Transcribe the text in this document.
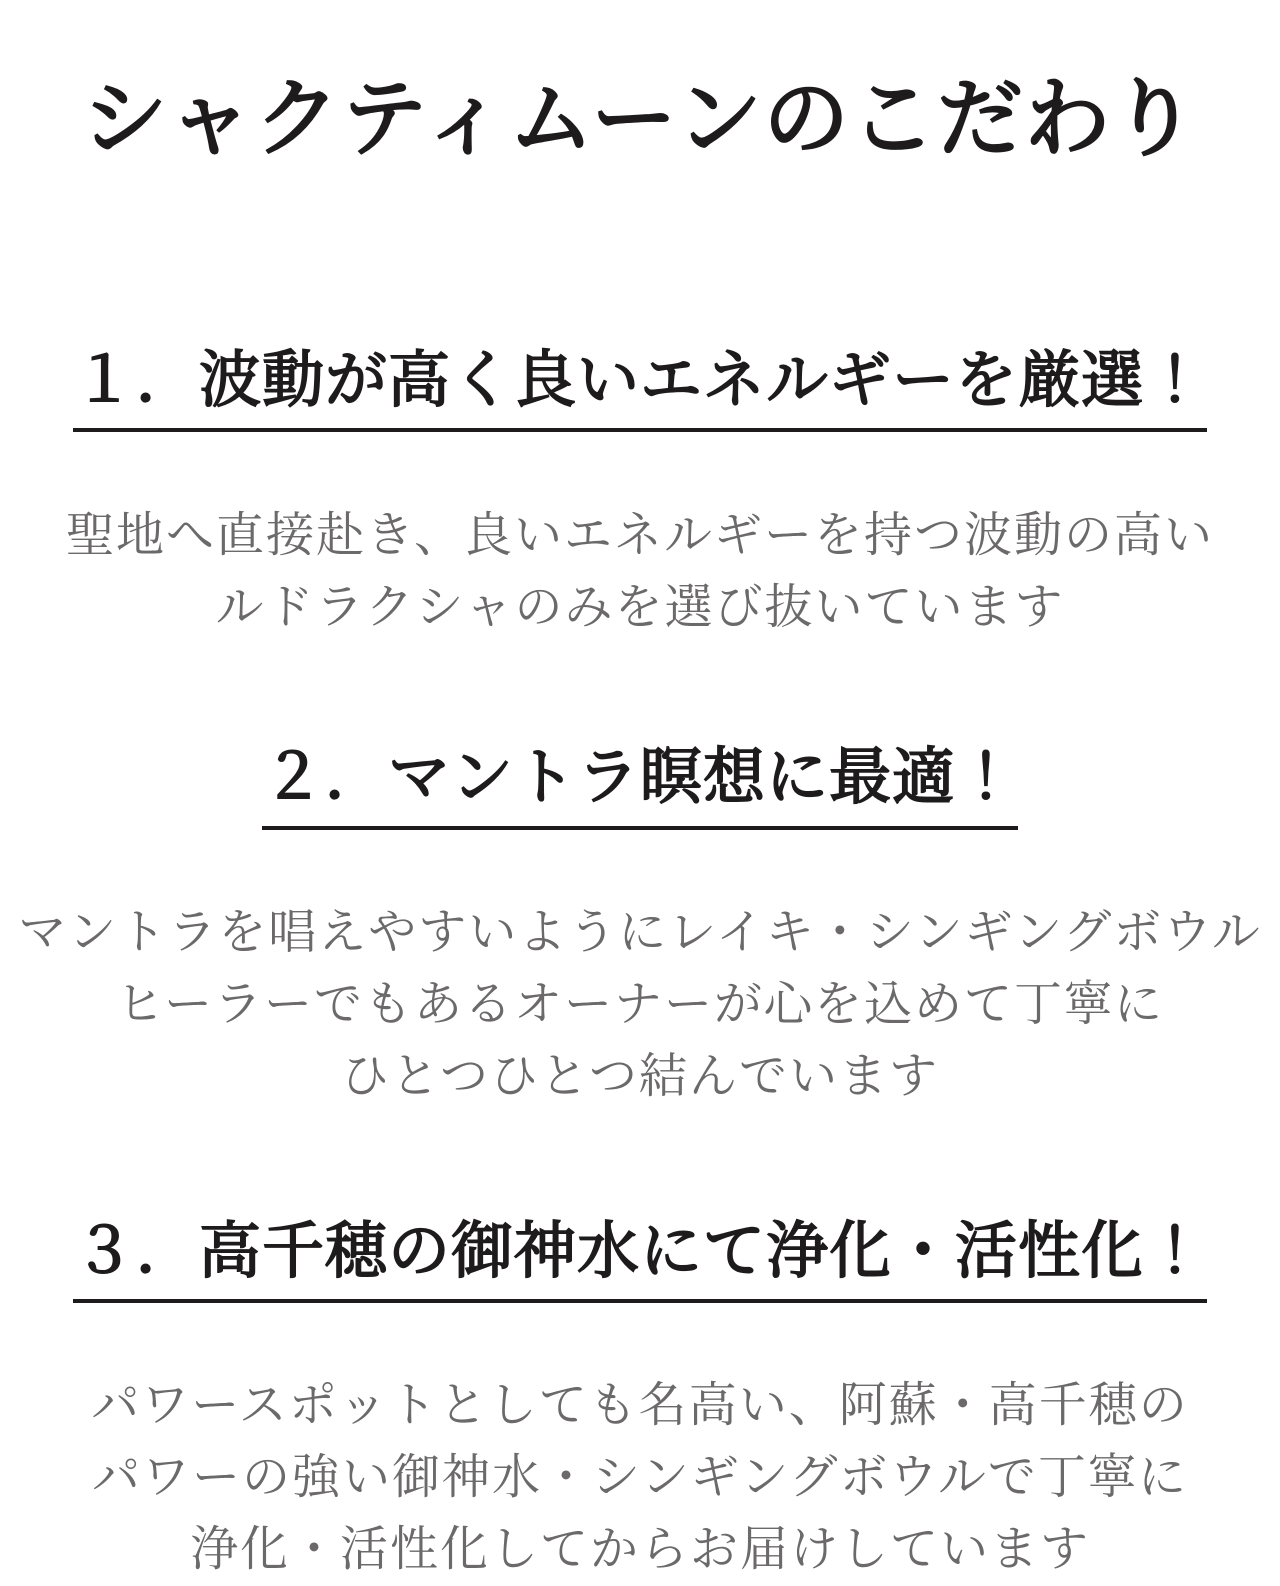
シャクティムーンのこだわり
１．波動が高く良いエネルギーを厳選！

聖地へ直接赴き、良いエネルギーを持つ波動の高い

ルドラクシャのみを選び抜いています

２．マントラ瞑想に最適！

マントラを唱えやすいようにレイキ・シンギングボウル

ヒーラーでもあるオーナーが心を込めて丁寧に

ひとつひとつ結んでいます

３．高千穂の御神水にて浄化・活性化！

パワースポットとしても名高い、阿蘇・高千穂の

パワーの強い御神水・シンギングボウルで丁寧に

浄化・活性化してからお届けしています
